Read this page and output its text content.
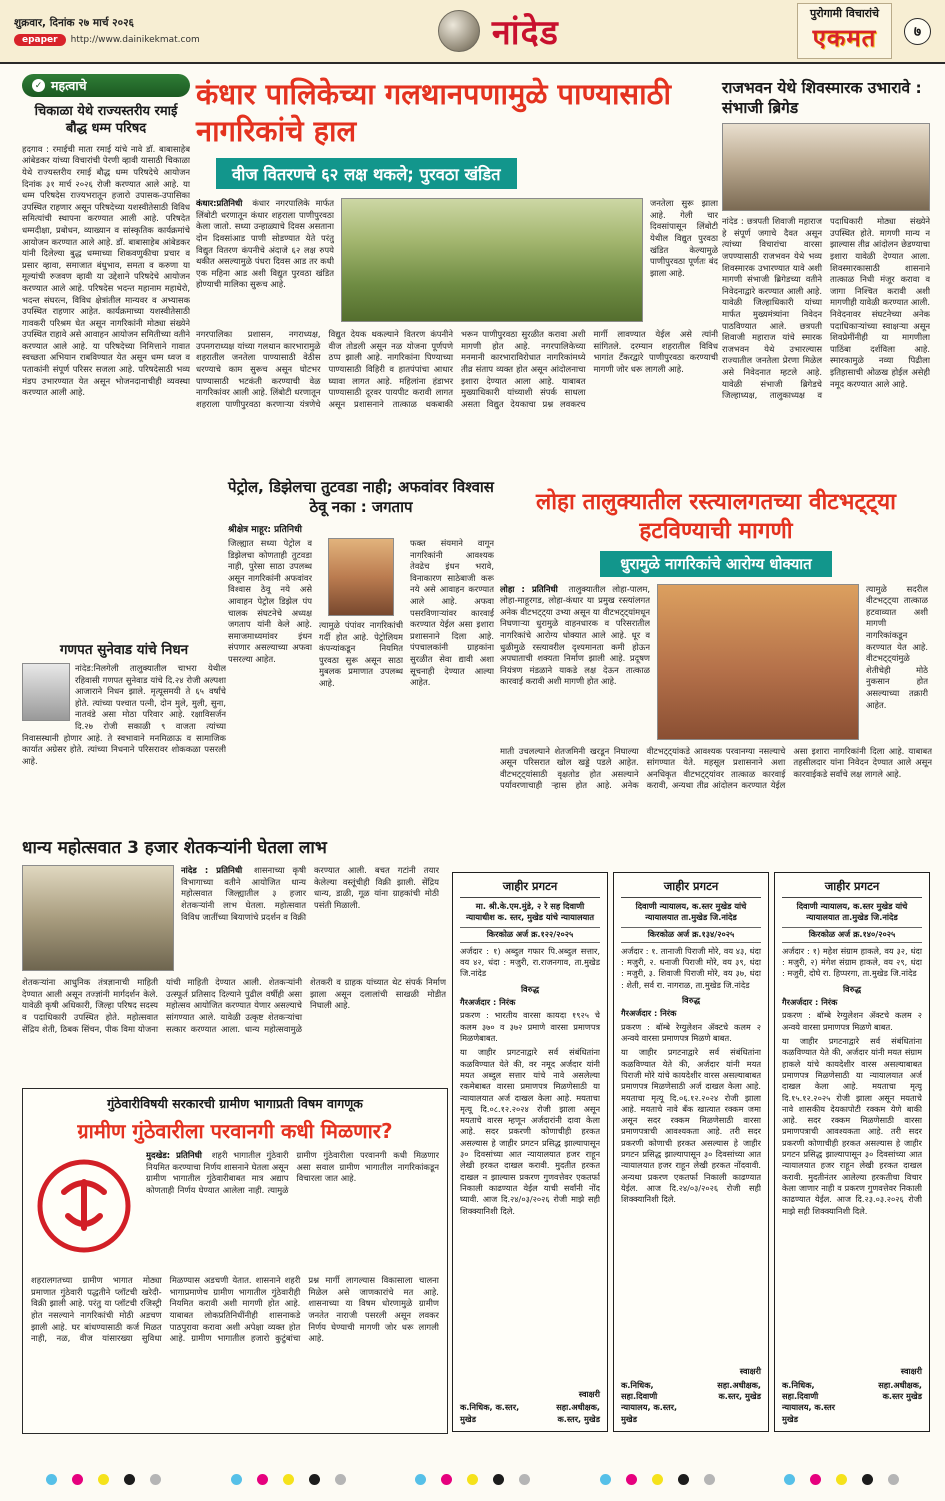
शुक्रवार, दिनांक २७ मार्च २०२६
epaper	http://www.dainikekmat.com	नांदेड	पुरोगामी विचारांचे
एकमत	७
✓ महत्वाचे
चिकाळा येथे राज्यस्तरीय रमाई बौद्ध धम्म परिषद
हदगाव : रमाईची माता रमाई यांचे नावे डॉ. बाबासाहेब आंबेडकर यांच्या विचारांची पेरणी व्हावी यासाठी चिकाळा येथे राज्यस्तरीय रमाई बौद्ध धम्म परिषदेचे आयोजन दिनांक ३१ मार्च २०२६ रोजी करण्यात आले आहे. या धम्म परिषदेस राज्यभरातून हजारो उपासक-उपासिका उपस्थित राहणार असून परिषदेच्या यशस्वीतेसाठी विविध समित्यांची स्थापना करण्यात आली आहे. परिषदेत धम्मदीक्षा, प्रबोधन, व्याख्यान व सांस्कृतिक कार्यक्रमांचे आयोजन करण्यात आले आहे. डॉ. बाबासाहेब आंबेडकर यांनी दिलेल्या बुद्ध धम्माच्या शिकवणुकीचा प्रचार व प्रसार व्हावा, समाजात बंधुभाव, समता व करुणा या मूल्यांची रुजवण व्हावी या उद्देशाने परिषदेचे आयोजन करण्यात आले आहे. परिषदेस भदन्त महानाम महाथेरो, भदन्त संघरत्न, विविध क्षेत्रांतील मान्यवर व अभ्यासक उपस्थित राहणार आहेत. कार्यक्रमाच्या यशस्वीतेसाठी गावकरी परिश्रम घेत असून नागरिकांनी मोठ्या संख्येने उपस्थित राहावे असे आवाहन आयोजन समितीच्या वतीने करण्यात आले आहे. या परिषदेच्या निमित्ताने गावात स्वच्छता अभियान राबविण्यात येत असून धम्म ध्वज व पताकांनी संपूर्ण परिसर सजला आहे. परिषदेसाठी भव्य मंडप उभारण्यात येत असून भोजनदानाचीही व्यवस्था करण्यात आली आहे.
कंधार पालिकेच्या गलथानपणामुळे पाण्यासाठी नागरिकांचे हाल
वीज वितरणचे ६२ लक्ष थकले; पुरवठा खंडित
कंधार:प्रतिनिधी कंधार नगरपालिके मार्फत लिंबोटी धरणातून कंधार शहराला पाणीपुरवठा केला जातो. सध्या उन्हाळ्याचे दिवस असताना दोन दिवसांआड पाणी सोडण्यात येते परंतु विद्युत वितरण कंपनीचे अंदाजे ६२ लक्ष रुपये थकीत असल्यामुळे पंधरा दिवस आड तर कधी एक महिना आड अशी विद्युत पुरवठा खंडित होण्याची मालिका सुरूच आहे.
जनतेला सुरू झाला आहे. गेली चार दिवसांपासून लिंबोटी येथील विद्युत पुरवठा खंडित केल्यामुळे पाणीपुरवठा पूर्णतः बंद झाला आहे.
नगरपालिका प्रशासन, नगराध्यक्ष, उपनगराध्यक्ष यांच्या गलथान कारभारामुळे शहरातील जनतेला पाण्यासाठी वेठीस धरण्याचे काम सुरूच असून घोटभर पाण्यासाठी भटकंती करण्याची वेळ नागरिकांवर आली आहे. लिंबोटी धरणातून शहराला पाणीपुरवठा करणाऱ्या यंत्रणेचे विद्युत देयक थकल्याने वितरण कंपनीने वीज तोडली असून नळ योजना पूर्णपणे ठप्प झाली आहे. नागरिकांना पिण्याच्या पाण्यासाठी विहिरी व हातपंपांचा आधार घ्यावा लागत आहे. महिलांना हंडाभर पाण्यासाठी दूरवर पायपीट करावी लागत असून प्रशासनाने तात्काळ थकबाकी भरून पाणीपुरवठा सुरळीत करावा अशी मागणी होत आहे. नगरपालिकेच्या मनमानी कारभाराविरोधात नागरिकांमध्ये तीव्र संताप व्यक्त होत असून आंदोलनाचा इशारा देण्यात आला आहे. याबाबत मुख्याधिकारी यांच्याशी संपर्क साधला असता विद्युत देयकाचा प्रश्न लवकरच मार्गी लावण्यात येईल असे त्यांनी सांगितले. दरम्यान शहरातील विविध भागांत टँकरद्वारे पाणीपुरवठा करण्याची मागणी जोर धरू लागली आहे.
राजभवन येथे शिवस्मारक उभारावे : संभाजी ब्रिगेड
नांदेड : छत्रपती शिवाजी महाराज हे संपूर्ण जगाचे दैवत असून त्यांच्या विचारांचा वारसा जपण्यासाठी राजभवन येथे भव्य शिवस्मारक उभारण्यात यावे अशी मागणी संभाजी ब्रिगेडच्या वतीने निवेदनाद्वारे करण्यात आली आहे. यावेळी जिल्हाधिकारी यांच्या मार्फत मुख्यमंत्र्यांना निवेदन पाठविण्यात आले. छत्रपती शिवाजी महाराज यांचे स्मारक राजभवन येथे उभारल्यास राज्यातील जनतेला प्रेरणा मिळेल असे निवेदनात म्हटले आहे. यावेळी संभाजी ब्रिगेडचे जिल्हाध्यक्ष, तालुकाध्यक्ष व पदाधिकारी मोठ्या संख्येने उपस्थित होते. मागणी मान्य न झाल्यास तीव्र आंदोलन छेडण्याचा इशारा यावेळी देण्यात आला. शिवस्मारकासाठी शासनाने तात्काळ निधी मंजूर करावा व जागा निश्चित करावी अशी मागणीही यावेळी करण्यात आली. निवेदनावर संघटनेच्या अनेक पदाधिकाऱ्यांच्या स्वाक्षऱ्या असून शिवप्रेमींनीही या मागणीला पाठिंबा दर्शविला आहे. स्मारकामुळे नव्या पिढीला इतिहासाची ओळख होईल असेही नमूद करण्यात आले आहे.
पेट्रोल, डिझेलचा तुटवडा नाही; अफवांवर विश्वास ठेवू नका : जगताप
श्रीक्षेत्र माहूर: प्रतिनिधी
जिल्ह्यात सध्या पेट्रोल व डिझेलचा कोणताही तुटवडा नाही, पुरेसा साठा उपलब्ध असून नागरिकांनी अफवांवर विश्वास ठेवू नये असे आवाहन पेट्रोल डिझेल पंप चालक संघटनेचे अध्यक्ष जगताप यांनी केले आहे. समाजमाध्यमांवर इंधन संपणार असल्याच्या अफवा पसरल्या आहेत.
त्यामुळे पंपांवर नागरिकांची गर्दी होत आहे. पेट्रोलियम कंपन्यांकडून नियमित पुरवठा सुरू असून साठा मुबलक प्रमाणात उपलब्ध आहे.
फक्त संयमाने वागून नागरिकांनी आवश्यक तेवढेच इंधन भरावे, विनाकारण साठेबाजी करू नये असे आवाहन करण्यात आले आहे. अफवा पसरविणाऱ्यांवर कारवाई करण्यात येईल असा इशारा प्रशासनाने दिला आहे. पंपचालकांनी ग्राहकांना सुरळीत सेवा द्यावी अशा सूचनाही देण्यात आल्या आहेत.
लोहा तालुक्यातील रस्त्यालगतच्या वीटभट्ट्या हटविण्याची मागणी
धुरामुळे नागरिकांचे आरोग्य धोक्यात
लोहा : प्रतिनिधी तालुक्यातील लोहा-पालम, लोहा-माहूरगड, लोहा-कंधार या प्रमुख रस्त्यांलगत अनेक वीटभट्ट्या उभ्या असून या वीटभट्ट्यांमधून निघणाऱ्या धुरामुळे वाहनधारक व परिसरातील नागरिकांचे आरोग्य धोक्यात आले आहे. धूर व धुळीमुळे रस्त्यावरील दृश्यमानता कमी होऊन अपघाताची शक्यता निर्माण झाली आहे. प्रदूषण नियंत्रण मंडळाने याकडे लक्ष देऊन तात्काळ कारवाई करावी अशी मागणी होत आहे.
त्यामुळे सदरील वीटभट्ट्या तात्काळ हटवाव्यात अशी मागणी नागरिकांकडून करण्यात येत आहे. वीटभट्ट्यांमुळे शेतीचेही मोठे नुकसान होत असल्याच्या तक्रारी आहेत.
माती उचलल्याने शेतजमिनी खरडून निघाल्या असून परिसरात खोल खड्डे पडले आहेत. वीटभट्ट्यांसाठी वृक्षतोड होत असल्याने पर्यावरणाचाही ऱ्हास होत आहे. अनेक वीटभट्ट्यांकडे आवश्यक परवानग्या नसल्याचे सांगण्यात येते. महसूल प्रशासनाने अशा अनधिकृत वीटभट्ट्यांवर तात्काळ कारवाई करावी, अन्यथा तीव्र आंदोलन करण्यात येईल असा इशारा नागरिकांनी दिला आहे. याबाबत तहसीलदार यांना निवेदन देण्यात आले असून कारवाईकडे सर्वांचे लक्ष लागले आहे.
गणपत सुनेवाड यांचे निधन
नांदेड:निलगेली तालुक्यातील चाभरा येथील रहिवासी गणपत सुनेवाड यांचे दि.२४ रोजी अल्पशा आजाराने निधन झाले. मृत्यूसमयी ते ६५ वर्षांचे होते. त्यांच्या पश्चात पत्नी, दोन मुले, मुली, सुना, नातवंडे असा मोठा परिवार आहे. रक्षाविसर्जन दि.२७ रोजी सकाळी ९ वाजता त्यांच्या निवासस्थानी होणार आहे. ते स्वभावाने मनमिळाऊ व सामाजिक कार्यात अग्रेसर होते. त्यांच्या निधनाने परिसरावर शोककळा पसरली आहे.
धान्य महोत्सवात 3 हजार शेतकऱ्यांनी घेतला लाभ
नांदेड : प्रतिनिधी शासनाच्या कृषी विभागाच्या वतीने आयोजित धान्य महोत्सवात जिल्ह्यातील ३ हजार शेतकऱ्यांनी लाभ घेतला. महोत्सवात विविध जातींच्या बियाणांचे प्रदर्शन व विक्री करण्यात आली. बचत गटांनी तयार केलेल्या वस्तूंचीही विक्री झाली. सेंद्रिय धान्य, डाळी, गूळ यांना ग्राहकांची मोठी पसंती मिळाली.
शेतकऱ्यांना आधुनिक तंत्रज्ञानाची माहिती देण्यात आली असून तज्ज्ञांनी मार्गदर्शन केले. यावेळी कृषी अधिकारी, जिल्हा परिषद सदस्य व पदाधिकारी उपस्थित होते. महोत्सवात सेंद्रिय शेती, ठिबक सिंचन, पीक विमा योजना यांची माहिती देण्यात आली. शेतकऱ्यांनी उत्स्फूर्त प्रतिसाद दिल्याने पुढील वर्षीही असा महोत्सव आयोजित करण्यात येणार असल्याचे सांगण्यात आले. यावेळी उत्कृष्ट शेतकऱ्यांचा सत्कार करण्यात आला. धान्य महोत्सवामुळे शेतकरी व ग्राहक यांच्यात थेट संपर्क निर्माण झाला असून दलालांची साखळी मोडीत निघाली आहे.
गुंठेवारीविषयी सरकारची ग्रामीण भागाप्रती विषम वागणूक
ग्रामीण गुंठेवारीला परवानगी कधी मिळणार?
मुदखेड: प्रतिनिधी शहरी भागातील गुंठेवारी नियमित करण्याचा निर्णय शासनाने घेतला असून ग्रामीण भागातील गुंठेवारीबाबत मात्र अद्याप कोणताही निर्णय घेण्यात आलेला नाही. त्यामुळे ग्रामीण गुंठेवारीला परवानगी कधी मिळणार असा सवाल ग्रामीण भागातील नागरिकांकडून विचारला जात आहे.
शहरालगतच्या ग्रामीण भागात मोठ्या प्रमाणात गुंठेवारी पद्धतीने प्लॉटची खरेदी-विक्री झाली आहे. परंतु या प्लॉटची रजिस्ट्री होत नसल्याने नागरिकांची मोठी अडचण झाली आहे. घर बांधण्यासाठी कर्ज मिळत नाही, नळ, वीज यांसारख्या सुविधा मिळण्यास अडचणी येतात. शासनाने शहरी भागाप्रमाणेच ग्रामीण भागातील गुंठेवारीही नियमित करावी अशी मागणी होत आहे. याबाबत लोकप्रतिनिधींनीही शासनाकडे पाठपुरावा करावा अशी अपेक्षा व्यक्त होत आहे. ग्रामीण भागातील हजारो कुटुंबांचा प्रश्न मार्गी लागल्यास विकासाला चालना मिळेल असे जाणकारांचे मत आहे. शासनाच्या या विषम धोरणामुळे ग्रामीण जनतेत नाराजी पसरली असून लवकर निर्णय घेण्याची मागणी जोर धरू लागली आहे.
जाहीर प्रगटन
मा. श्री.के.एम.मुंडे, २ रे सह दिवाणी न्यायाधीश क. स्तर, मुखेड यांचे न्यायालयात
किरकोळ अर्ज क्र.१२२/२०२५
अर्जदार : १) अब्दुल गफार पि.अब्दुल सत्तार, वय ४२, धंदा : मजुरी, रा.राजनगाव, ता.मुखेड जि.नांदेड
विरुद्ध
गैरअर्जदार : निरंक
प्रकरण : भारतीय वारसा कायदा १९२५ चे कलम ३७० व ३७२ प्रमाणे वारसा प्रमाणपत्र मिळणेबाबत.
या जाहीर प्रगटनाद्वारे सर्व संबंधितांना कळविण्यात येते की, वर नमूद अर्जदार यांनी मयत अब्दुल सत्तार यांचे नावे असलेल्या रकमेबाबत वारसा प्रमाणपत्र मिळणेसाठी या न्यायालयात अर्ज दाखल केला आहे. मयताचा मृत्यू दि.०८.१२.२०२४ रोजी झाला असून मयताचे वारस म्हणून अर्जदारांनी दावा केला आहे. सदर प्रकरणी कोणाचीही हरकत असल्यास हे जाहीर प्रगटन प्रसिद्ध झाल्यापासून ३० दिवसांच्या आत न्यायालयात हजर राहून लेखी हरकत दाखल करावी. मुदतीत हरकत दाखल न झाल्यास प्रकरण गुणवत्तेवर एकतर्फा निकाली काढण्यात येईल याची सर्वांनी नोंद घ्यावी. आज दि.२४/०३/२०२६ रोजी माझे सही शिक्क्यानिशी दिले.
स्वाक्षरी
क.निधिक, क.स्तर, मुखेड
सहा.अधीक्षक, क.स्तर, मुखेड
जाहीर प्रगटन
दिवाणी न्यायालय, क.स्तर मुखेड यांचे न्यायालयात ता.मुखेड जि.नांदेड
किरकोळ अर्ज क्र.१३४/२०२५
अर्जदार : १. तानाजी पिराजी मोरे, वय ४३, धंदा : मजुरी, २. धनाजी पिराजी मोरे, वय ३९, धंदा : मजुरी, ३. शिवाजी पिराजी मोरे, वय ३७, धंदा : शेती, सर्व रा. नागराळ, ता.मुखेड जि.नांदेड
विरुद्ध
गैरअर्जदार : निरंक
प्रकरण : बॉम्बे रेग्युलेशन ॲक्टचे कलम २ अन्वये वारसा प्रमाणपत्र मिळणे बाबत.
या जाहीर प्रगटनाद्वारे सर्व संबंधितांना कळविण्यात येते की, अर्जदार यांनी मयत पिराजी मोरे यांचे कायदेशीर वारस असल्याबाबत प्रमाणपत्र मिळणेसाठी अर्ज दाखल केला आहे. मयताचा मृत्यू दि.०६.१२.२०२४ रोजी झाला आहे. मयताचे नावे बँक खात्यात रक्कम जमा असून सदर रक्कम मिळणेसाठी वारसा प्रमाणपत्राची आवश्यकता आहे. तरी सदर प्रकरणी कोणाची हरकत असल्यास हे जाहीर प्रगटन प्रसिद्ध झाल्यापासून ३० दिवसांच्या आत न्यायालयात हजर राहून लेखी हरकत नोंदवावी. अन्यथा प्रकरण एकतर्फा निकाली काढण्यात येईल. आज दि.२४/०३/२०२६ रोजी सही शिक्क्यानिशी दिले.
स्वाक्षरी
क.निधिक, सहा.दिवाणी न्यायालय, क.स्तर, मुखेड
सहा.अधीक्षक, क.स्तर, मुखेड
जाहीर प्रगटन
दिवाणी न्यायालय, क.स्तर मुखेड यांचे न्यायालयात ता.मुखेड जि.नांदेड
किरकोळ अर्ज क्र.१४०/२०२५
अर्जदार : १) महेश संग्राम हाकले, वय ३२, धंदा : मजुरी, २) मंगेश संग्राम हाकले, वय २९, धंदा : मजुरी, दोघे रा. हिप्परगा, ता.मुखेड जि.नांदेड
विरुद्ध
गैरअर्जदार : निरंक
प्रकरण : बॉम्बे रेग्युलेशन ॲक्टचे कलम २ अन्वये वारसा प्रमाणपत्र मिळणे बाबत.
या जाहीर प्रगटनाद्वारे सर्व संबंधितांना कळविण्यात येते की, अर्जदार यांनी मयत संग्राम हाकले यांचे कायदेशीर वारस असल्याबाबत प्रमाणपत्र मिळणेसाठी या न्यायालयात अर्ज दाखल केला आहे. मयताचा मृत्यू दि.१५.१२.२०२५ रोजी झाला असून मयताचे नावे शासकीय देयकापोटी रक्कम येणे बाकी आहे. सदर रक्कम मिळणेसाठी वारसा प्रमाणपत्राची आवश्यकता आहे. तरी सदर प्रकरणी कोणाचीही हरकत असल्यास हे जाहीर प्रगटन प्रसिद्ध झाल्यापासून ३० दिवसांच्या आत न्यायालयात हजर राहून लेखी हरकत दाखल करावी. मुदतीनंतर आलेल्या हरकतीचा विचार केला जाणार नाही व प्रकरण गुणवत्तेवर निकाली काढण्यात येईल. आज दि.२३.०३.२०२६ रोजी माझे सही शिक्क्यानिशी दिले.
स्वाक्षरी
क.निधिक, सहा.दिवाणी न्यायालय, क.स्तर मुखेड
सहा.अधीक्षक, क.स्तर मुखेड
